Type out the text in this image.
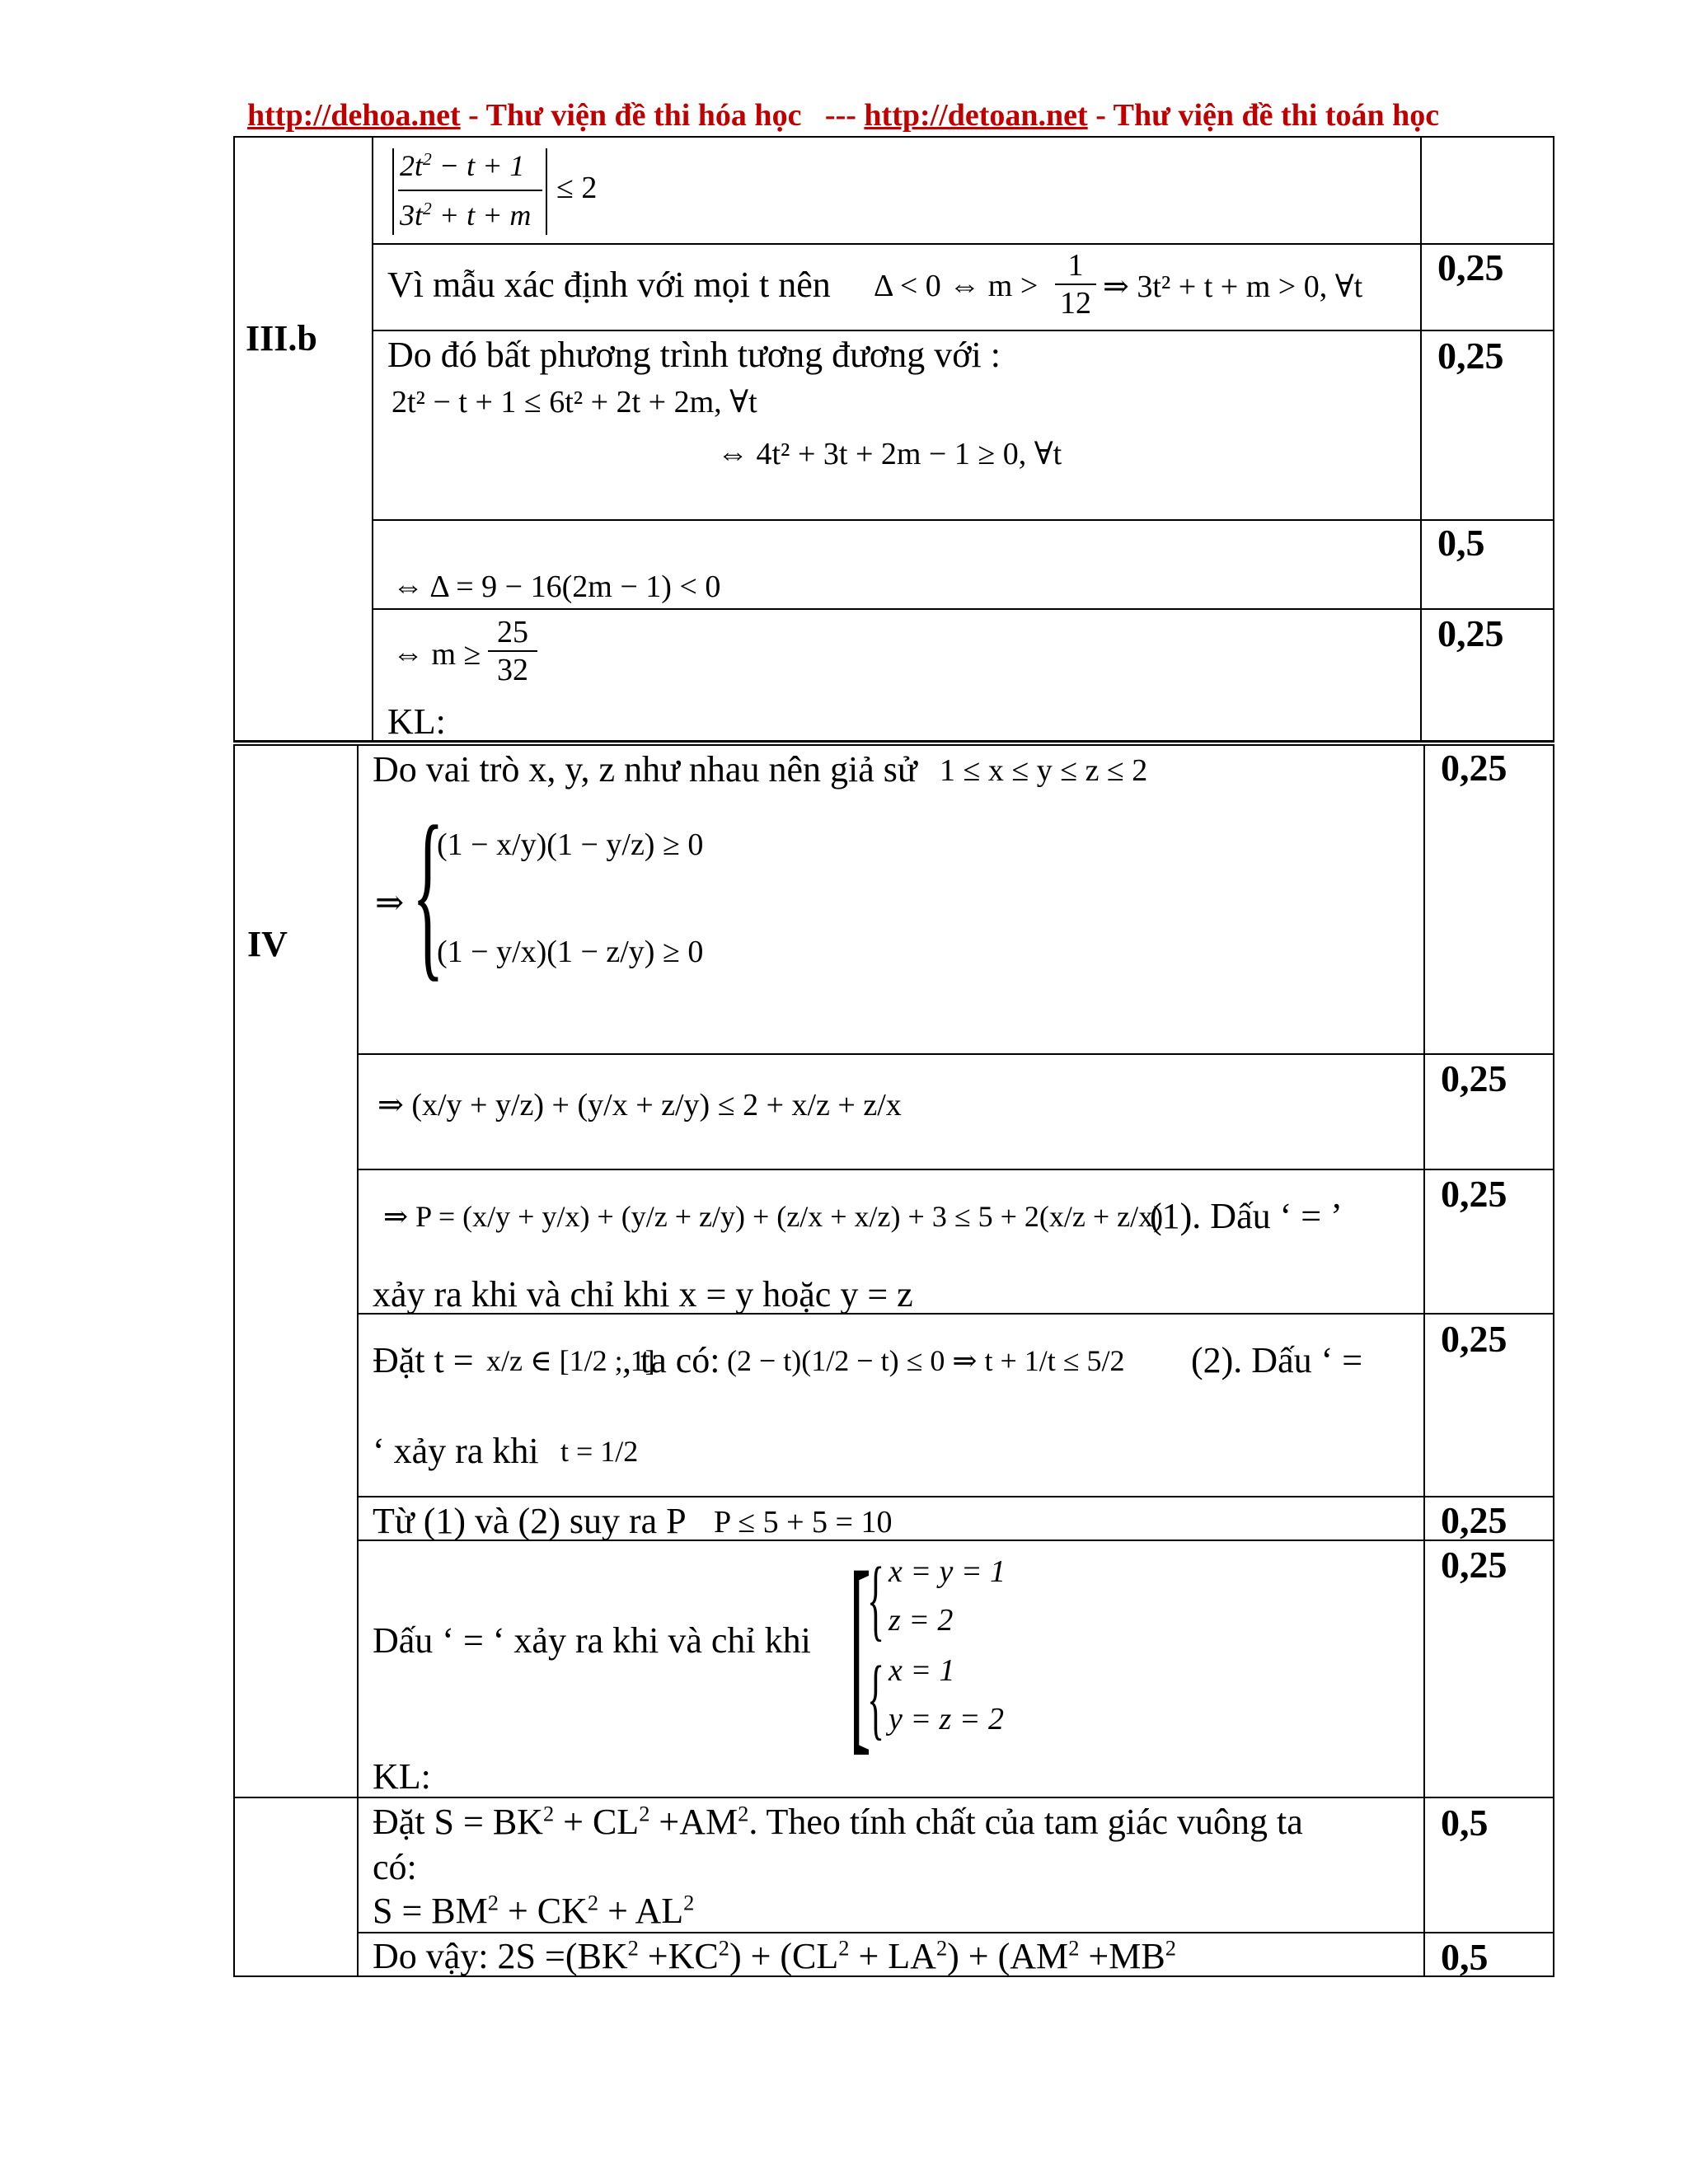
http://dehoa.net - Thư viện đề thi hóa học   --- http://detoan.net - Thư viện đề thi toán học
III.b
$2t^2 - t + 1$
$3t^2 + t + m$
≤ 2
Vì mẫu xác định với mọi t nên Δ < 0 ⇔ $m > \frac{1}{12}$ ⇒ 3t² + t + m > 0, ∀t 0,25
Do đó bất phương trình tương đương với :
2t² − t + 1 ≤ 6t² + 2t + 2m, ∀t
⇔ 4t² + 3t + 2m − 1 ≥ 0, ∀t
0,25
⇔ Δ = 9 − 16(2m − 1) < 0
0,5
⇔ $m \ge \frac{25}{32}$
KL:
0,25
IV
Do vai trò x, y, z như nhau nên giả sử 1 ≤ x ≤ y ≤ z ≤ 2
⇒ {
(1 − x/y)(1 − y/z) ≥ 0
(1 − y/x)(1 − z/y) ≥ 0
0,25
⇒ (x/y + y/z) + (y/x + z/y) ≤ 2 + x/z + z/x
0,25
⇒ P = (x/y + y/x) + (y/z + z/y) + (z/x + x/z) + 3 ≤ 5 + 2(x/z + z/x)
(1). Dấu ‘ = ’
xảy ra khi và chỉ khi x = y hoặc y = z
0,25
Đặt t = x/z ∈ [1/2 ; 1]
, ta có: (2 − t)(1/2 − t) ≤ 0 ⇒ t + 1/t ≤ 5/2 (2). Dấu ‘ =
‘ xảy ra khi t = 1/2
0,25
Từ (1) và (2) suy ra P P ≤ 5 + 5 = 10	0,25
Dấu ‘ = ‘ xảy ra khi và chỉ khi [
{ x = y = 1
z = 2
{ x = 1
y = z = 2
KL:
0,25
Đặt $S = BK^2 + CL^2 +AM^2$. Theo tính chất của tam giác vuông ta
có:
$S = BM^2 + CK^2 + AL^2$
0,5
Do vậy: $2S =(BK^2 +KC^2) + (CL^2 + LA^2) + (AM^2 +MB^2$	0,5
